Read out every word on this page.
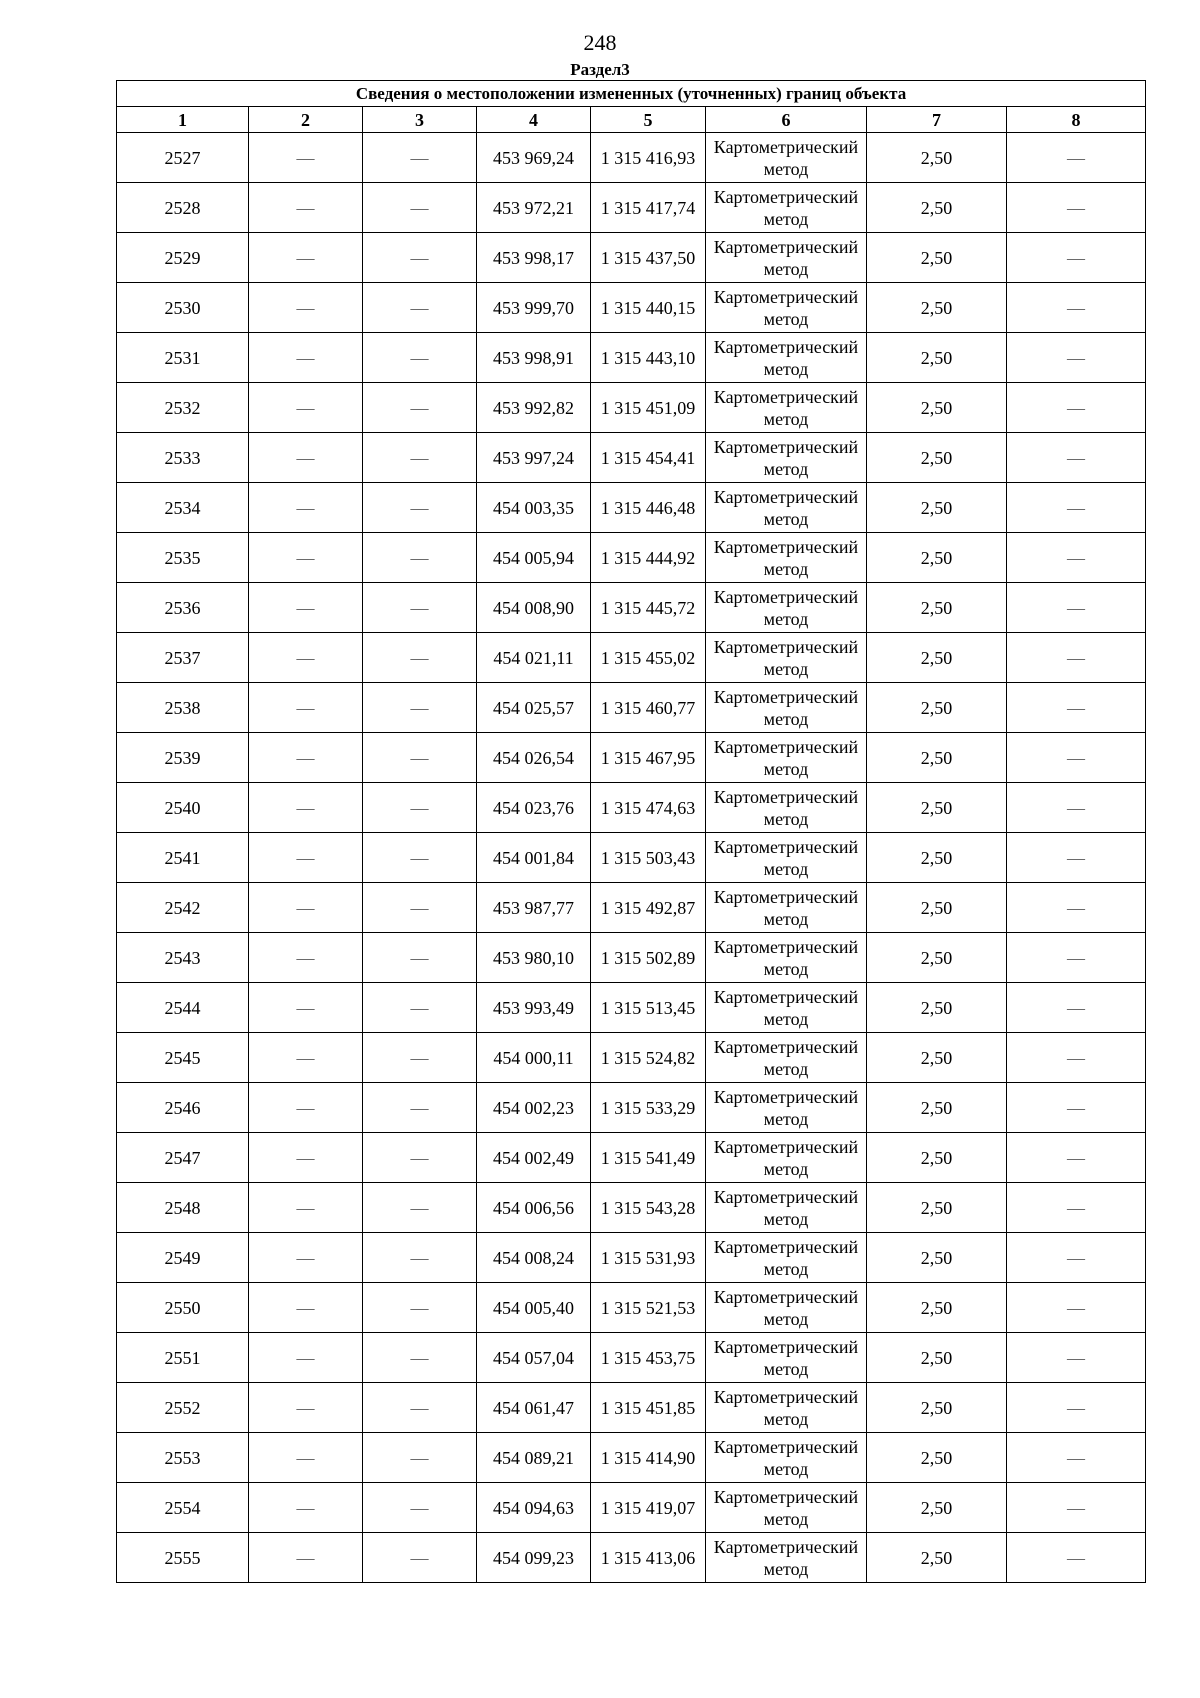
248
Раздел3
Сведения о местоположении измененных (уточненных) границ объекта							
1	2	3	4	5	6	7	8
2527	—	—	453 969,24	1 315 416,93	Картометрический метод	2,50	—
2528	—	—	453 972,21	1 315 417,74	Картометрический метод	2,50	—
2529	—	—	453 998,17	1 315 437,50	Картометрический метод	2,50	—
2530	—	—	453 999,70	1 315 440,15	Картометрический метод	2,50	—
2531	—	—	453 998,91	1 315 443,10	Картометрический метод	2,50	—
2532	—	—	453 992,82	1 315 451,09	Картометрический метод	2,50	—
2533	—	—	453 997,24	1 315 454,41	Картометрический метод	2,50	—
2534	—	—	454 003,35	1 315 446,48	Картометрический метод	2,50	—
2535	—	—	454 005,94	1 315 444,92	Картометрический метод	2,50	—
2536	—	—	454 008,90	1 315 445,72	Картометрический метод	2,50	—
2537	—	—	454 021,11	1 315 455,02	Картометрический метод	2,50	—
2538	—	—	454 025,57	1 315 460,77	Картометрический метод	2,50	—
2539	—	—	454 026,54	1 315 467,95	Картометрический метод	2,50	—
2540	—	—	454 023,76	1 315 474,63	Картометрический метод	2,50	—
2541	—	—	454 001,84	1 315 503,43	Картометрический метод	2,50	—
2542	—	—	453 987,77	1 315 492,87	Картометрический метод	2,50	—
2543	—	—	453 980,10	1 315 502,89	Картометрический метод	2,50	—
2544	—	—	453 993,49	1 315 513,45	Картометрический метод	2,50	—
2545	—	—	454 000,11	1 315 524,82	Картометрический метод	2,50	—
2546	—	—	454 002,23	1 315 533,29	Картометрический метод	2,50	—
2547	—	—	454 002,49	1 315 541,49	Картометрический метод	2,50	—
2548	—	—	454 006,56	1 315 543,28	Картометрический метод	2,50	—
2549	—	—	454 008,24	1 315 531,93	Картометрический метод	2,50	—
2550	—	—	454 005,40	1 315 521,53	Картометрический метод	2,50	—
2551	—	—	454 057,04	1 315 453,75	Картометрический метод	2,50	—
2552	—	—	454 061,47	1 315 451,85	Картометрический метод	2,50	—
2553	—	—	454 089,21	1 315 414,90	Картометрический метод	2,50	—
2554	—	—	454 094,63	1 315 419,07	Картометрический метод	2,50	—
2555	—	—	454 099,23	1 315 413,06	Картометрический метод	2,50	—
